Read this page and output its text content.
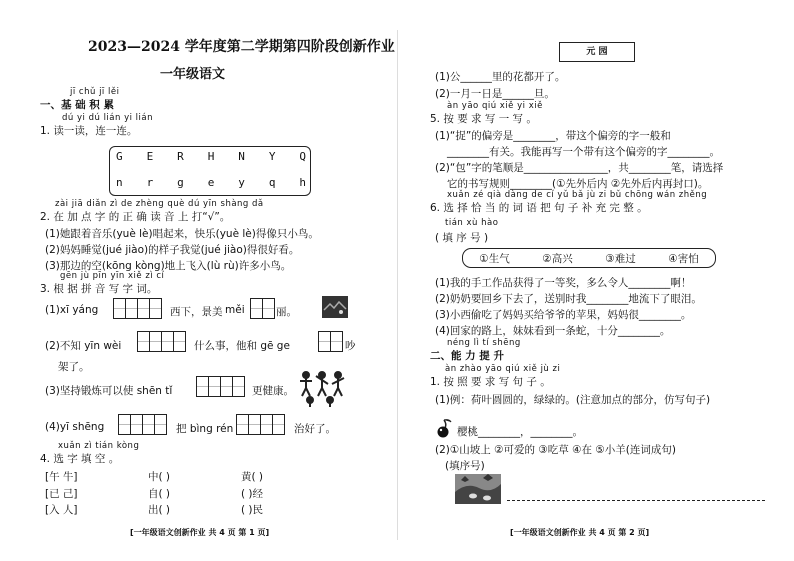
2023—2024 学年度第二学期第四阶段创新作业
一年级语文
jī chǔ jī lěi
一、基 础 积 累
dú yi dú lián yi lián
1. 读一读，连一连。
G E R H N Y Q
n r g e y q h
zài jiā diǎn zì de zhèng què dú yīn shàng dǎ
2. 在 加 点 字 的 正 确 读 音 上 打“√”。
(1)她跟着音乐(yuè lè)唱起来，快乐(yuè lè)得像只小鸟。
(2)妈妈睡觉(jué jiào)的样子我觉(jué jiào)得很好看。
(3)那边的空(kōng kòng)地上飞入(lù rù)许多小鸟。
gēn jù pīn yīn xiě zì cí
3. 根 据 拼 音 写 字 词。
(1)xī yáng	西下，景美 měi	丽。
(2)不知 yīn wèi	什么事，他和 gē ge	吵
架了。
(3)坚持锻炼可以使 shēn tǐ	更健康。
(4)yī shēng	把 bìng rén	治好了。
xuǎn zì tián kòng
4. 选 字 填 空 。
[午 牛]	中( )	黄( )
[已 己]	自( )	( )经
[入 人]	出( )	( )民
[一年级语文创新作业 共 4 页 第 1 页]
元 园
(1)公______里的花都开了。
(2)一月一日是______旦。
àn yāo qiú xiě yi xiě
5. 按 要 求 写 一 写 。
(1)“捉”的偏旁是________，带这个偏旁的字一般和
________有关。我能再写一个带有这个偏旁的字________。
(2)“包”字的笔顺是________________，共________笔，请选择
它的书写规则________(①先外后内 ②先外后内再封口)。
xuǎn zé qià dàng de cí yǔ bǎ jù zi bǔ chōng wán zhěng
6. 选 择 恰 当 的 词 语 把 句 子 补 充 完 整 。
tián xù hào
( 填 序 号 )
①生气	②高兴	③难过	④害怕
(1)我的手工作品获得了一等奖，多么令人________啊！
(2)奶奶要回乡下去了，送别时我________地流下了眼泪。
(3)小西偷吃了妈妈买给爷爷的苹果，妈妈很________。
(4)回家的路上，妹妹看到一条蛇，十分________。
néng lì tí shēng
二、能 力 提 升
àn zhào yāo qiú xiě jù zi
1. 按 照 要 求 写 句 子 。
(1)例：荷叶圆圆的，绿绿的。(注意加点的部分，仿写句子)
樱桃________，________。
(2)①山坡上 ②可爱的 ③吃草 ④在 ⑤小羊(连词成句)
(填序号)
[一年级语文创新作业 共 4 页 第 2 页]
